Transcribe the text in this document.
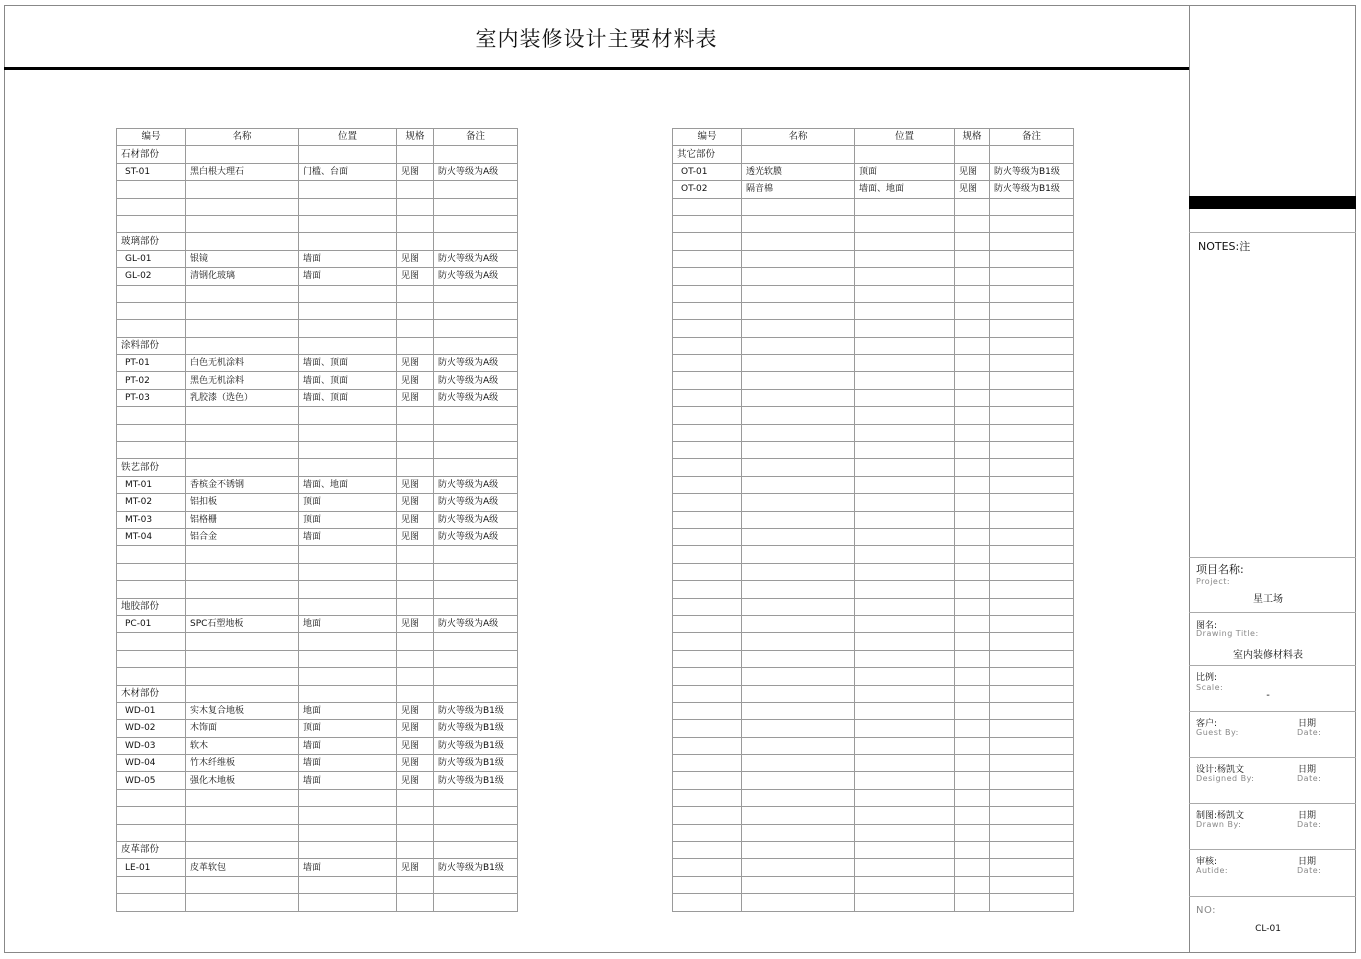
室内装修设计主要材料表
编号	名称	位置	规格	备注
石材部份				
ST-01	黑白根大理石	门槛、台面	见图	防火等级为A级

玻璃部份				
GL-01	银镜	墙面	见图	防火等级为A级
GL-02	清钢化玻璃	墙面	见图	防火等级为A级

涂料部份				
PT-01	白色无机涂料	墙面、顶面	见图	防火等级为A级
PT-02	黑色无机涂料	墙面、顶面	见图	防火等级为A级
PT-03	乳胶漆（选色）	墙面、顶面	见图	防火等级为A级

铁艺部份				
MT-01	香槟金不锈钢	墙面、地面	见图	防火等级为A级
MT-02	铝扣板	顶面	见图	防火等级为A级
MT-03	铝格栅	顶面	见图	防火等级为A级
MT-04	铝合金	墙面	见图	防火等级为A级

地胶部份				
PC-01	SPC石塑地板	地面	见图	防火等级为A级

木材部份				
WD-01	实木复合地板	地面	见图	防火等级为B1级
WD-02	木饰面	顶面	见图	防火等级为B1级
WD-03	软木	墙面	见图	防火等级为B1级
WD-04	竹木纤维板	墙面	见图	防火等级为B1级
WD-05	强化木地板	墙面	见图	防火等级为B1级

皮革部份				
LE-01	皮革软包	墙面	见图	防火等级为B1级

编号	名称	位置	规格	备注
其它部份				
OT-01	透光软膜	顶面	见图	防火等级为B1级
OT-02	隔音棉	墙面、地面	见图	防火等级为B1级

NOTES:注
项目名称:
Project:
星工场
图名:
Drawing Title:
室内装修材料表
比例:
Scale:
-
客户:
Guest By:
日期
Date:
设计:杨凯文
Designed By:
日期
Date:
制图:杨凯文
Drawn By:
日期
Date:
审核:
Autide:
日期
Date:
NO:
CL-01
